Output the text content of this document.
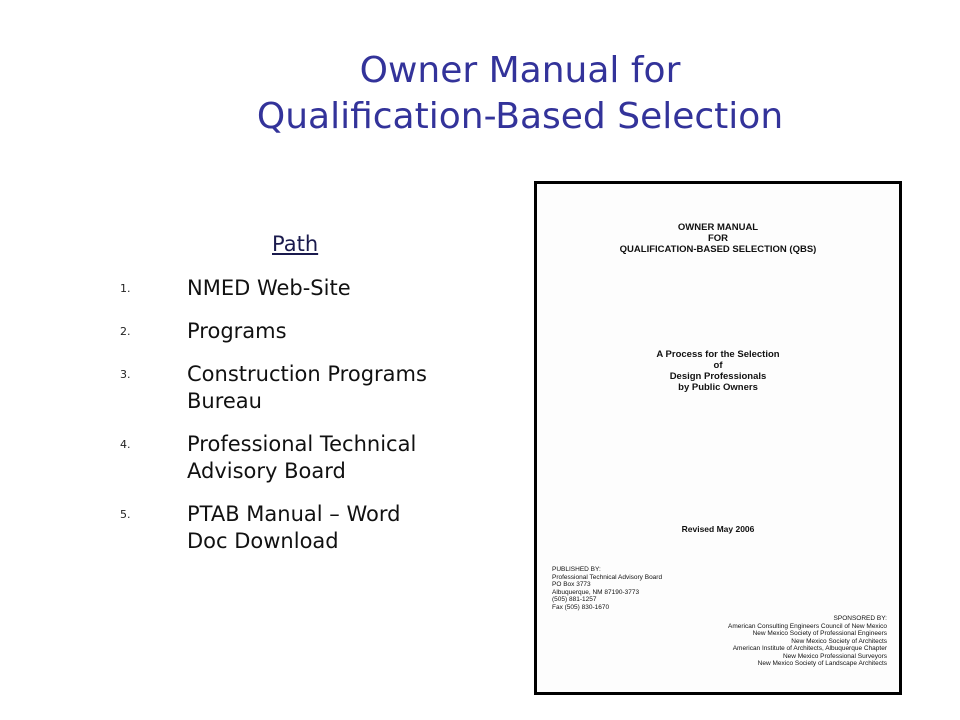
Owner Manual for
Qualification-Based Selection
Path
1.	NMED Web-Site
2.	Programs
3.	Construction Programs
Bureau
4.	Professional Technical
Advisory Board
5.	PTAB Manual – Word
Doc Download
OWNER MANUAL
FOR
QUALIFICATION-BASED SELECTION (QBS)
A Process for the Selection
of
Design Professionals
by Public Owners
Revised May 2006
PUBLISHED BY:
Professional Technical Advisory Board
PO Box 3773
Albuquerque, NM 87190-3773
(505) 881-1257
Fax (505) 830-1670
SPONSORED BY:
American Consulting Engineers Council of New Mexico
New Mexico Society of Professional Engineers
New Mexico Society of Architects
American Institute of Architects, Albuquerque Chapter
New Mexico Professional Surveyors
New Mexico Society of Landscape Architects
